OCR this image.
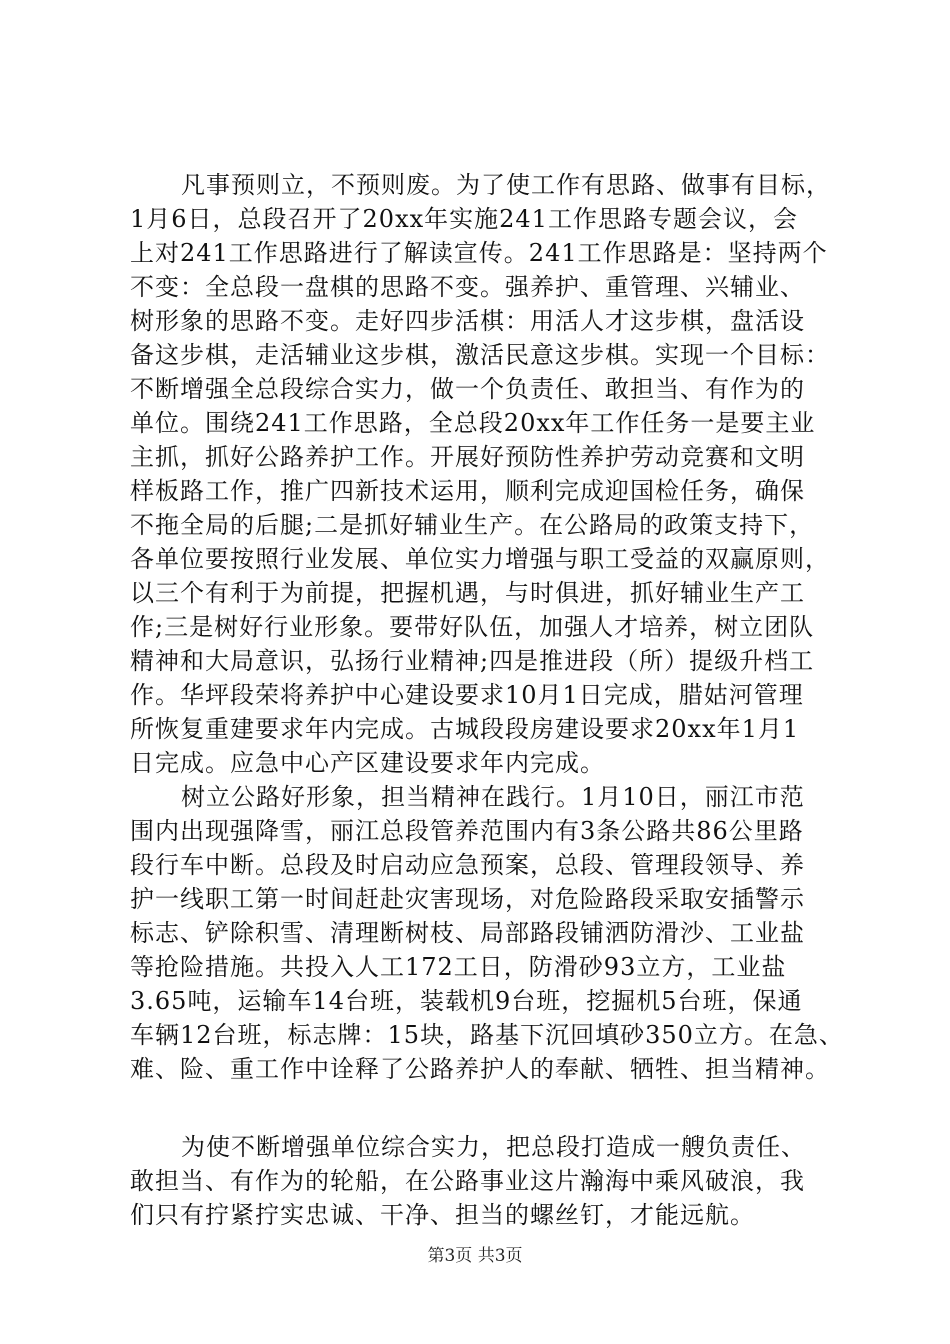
凡事预则立，不预则废。为了使工作有思路、做事有目标，
1月6日，总段召开了20xx年实施241工作思路专题会议，会
上对241工作思路进行了解读宣传。241工作思路是：坚持两个
不变：全总段一盘棋的思路不变。强养护、重管理、兴辅业、
树形象的思路不变。走好四步活棋：用活人才这步棋，盘活设
备这步棋，走活辅业这步棋，激活民意这步棋。实现一个目标：
不断增强全总段综合实力，做一个负责任、敢担当、有作为的
单位。围绕241工作思路，全总段20xx年工作任务一是要主业
主抓，抓好公路养护工作。开展好预防性养护劳动竞赛和文明
样板路工作，推广四新技术运用，顺利完成迎国检任务，确保
不拖全局的后腿;二是抓好辅业生产。在公路局的政策支持下，
各单位要按照行业发展、单位实力增强与职工受益的双赢原则，
以三个有利于为前提，把握机遇，与时俱进，抓好辅业生产工
作;三是树好行业形象。要带好队伍，加强人才培养，树立团队
精神和大局意识，弘扬行业精神;四是推进段（所）提级升档工
作。华坪段荣将养护中心建设要求10月1日完成，腊姑河管理
所恢复重建要求年内完成。古城段段房建设要求20xx年1月1
日完成。应急中心产区建设要求年内完成。
树立公路好形象，担当精神在践行。1月10日，丽江市范
围内出现强降雪，丽江总段管养范围内有3条公路共86公里路
段行车中断。总段及时启动应急预案，总段、管理段领导、养
护一线职工第一时间赶赴灾害现场，对危险路段采取安插警示
标志、铲除积雪、清理断树枝、局部路段铺洒防滑沙、工业盐
等抢险措施。共投入人工172工日，防滑砂93立方，工业盐
3.65吨，运输车14台班，装载机9台班，挖掘机5台班，保通
车辆12台班，标志牌：15块，路基下沉回填砂350立方。在急、
难、险、重工作中诠释了公路养护人的奉献、牺牲、担当精神。
为使不断增强单位综合实力，把总段打造成一艘负责任、
敢担当、有作为的轮船，在公路事业这片瀚海中乘风破浪，我
们只有拧紧拧实忠诚、干净、担当的螺丝钉，才能远航。
第3页 共3页
